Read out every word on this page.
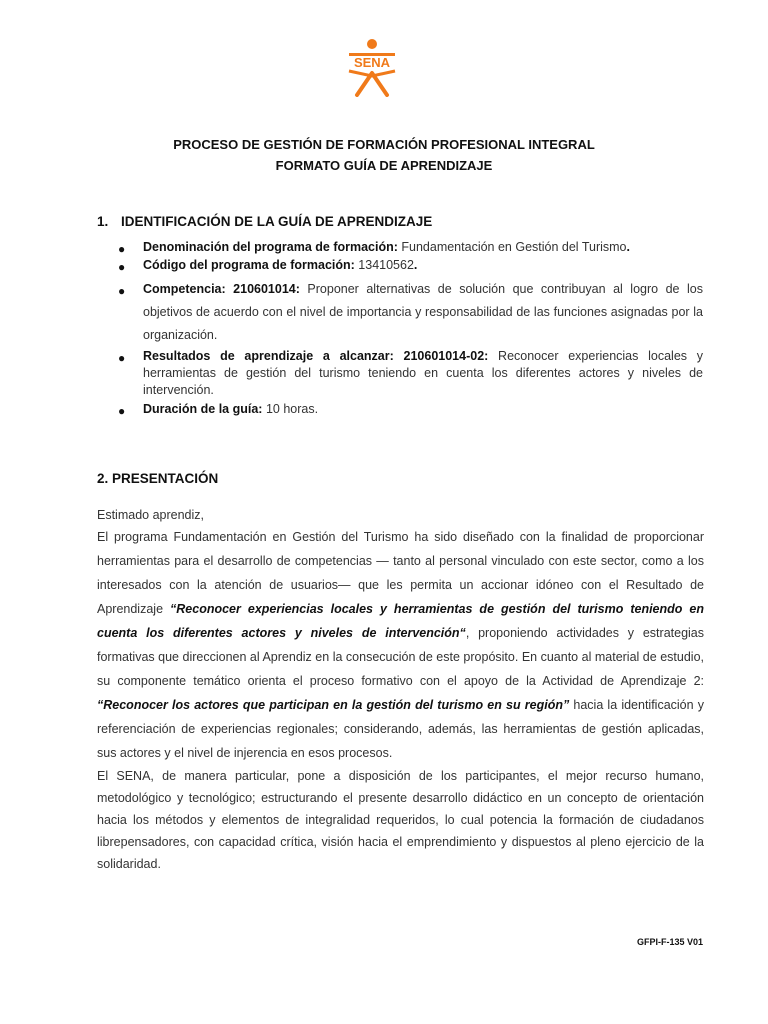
SENA
PROCESO DE GESTIÓN DE FORMACIÓN PROFESIONAL INTEGRAL
FORMATO GUÍA DE APRENDIZAJE
1. IDENTIFICACIÓN DE LA GUÍA DE APRENDIZAJE
● Denominación del programa de formación: Fundamentación en Gestión del Turismo.
● Código del programa de formación: 13410562.
● Competencia: 210601014: Proponer alternativas de solución que contribuyan al logro de los objetivos de acuerdo con el nivel de importancia y responsabilidad de las funciones asignadas por la organización.
● Resultados de aprendizaje a alcanzar: 210601014-02: Reconocer experiencias locales y herramientas de gestión del turismo teniendo en cuenta los diferentes actores y niveles de intervención.
● Duración de la guía: 10 horas.
2. PRESENTACIÓN
Estimado aprendiz,
El programa Fundamentación en Gestión del Turismo ha sido diseñado con la finalidad de proporcionar herramientas para el desarrollo de competencias — tanto al personal vinculado con este sector, como a los interesados con la atención de usuarios— que les permita un accionar idóneo con el Resultado de Aprendizaje “Reconocer experiencias locales y herramientas de gestión del turismo teniendo en cuenta los diferentes actores y niveles de intervención“, proponiendo actividades y estrategias formativas que direccionen al Aprendiz en la consecución de este propósito. En cuanto al material de estudio, su componente temático orienta el proceso formativo con el apoyo de la Actividad de Aprendizaje 2: “Reconocer los actores que participan en la gestión del turismo en su región” hacia la identificación y referenciación de experiencias regionales; considerando, además, las herramientas de gestión aplicadas, sus actores y el nivel de injerencia en esos procesos.
El SENA, de manera particular, pone a disposición de los participantes, el mejor recurso humano, metodológico y tecnológico; estructurando el presente desarrollo didáctico en un concepto de orientación hacia los métodos y elementos de integralidad requeridos, lo cual potencia la formación de ciudadanos librepensadores, con capacidad crítica, visión hacia el emprendimiento y dispuestos al pleno ejercicio de la solidaridad.
GFPI-F-135 V01
